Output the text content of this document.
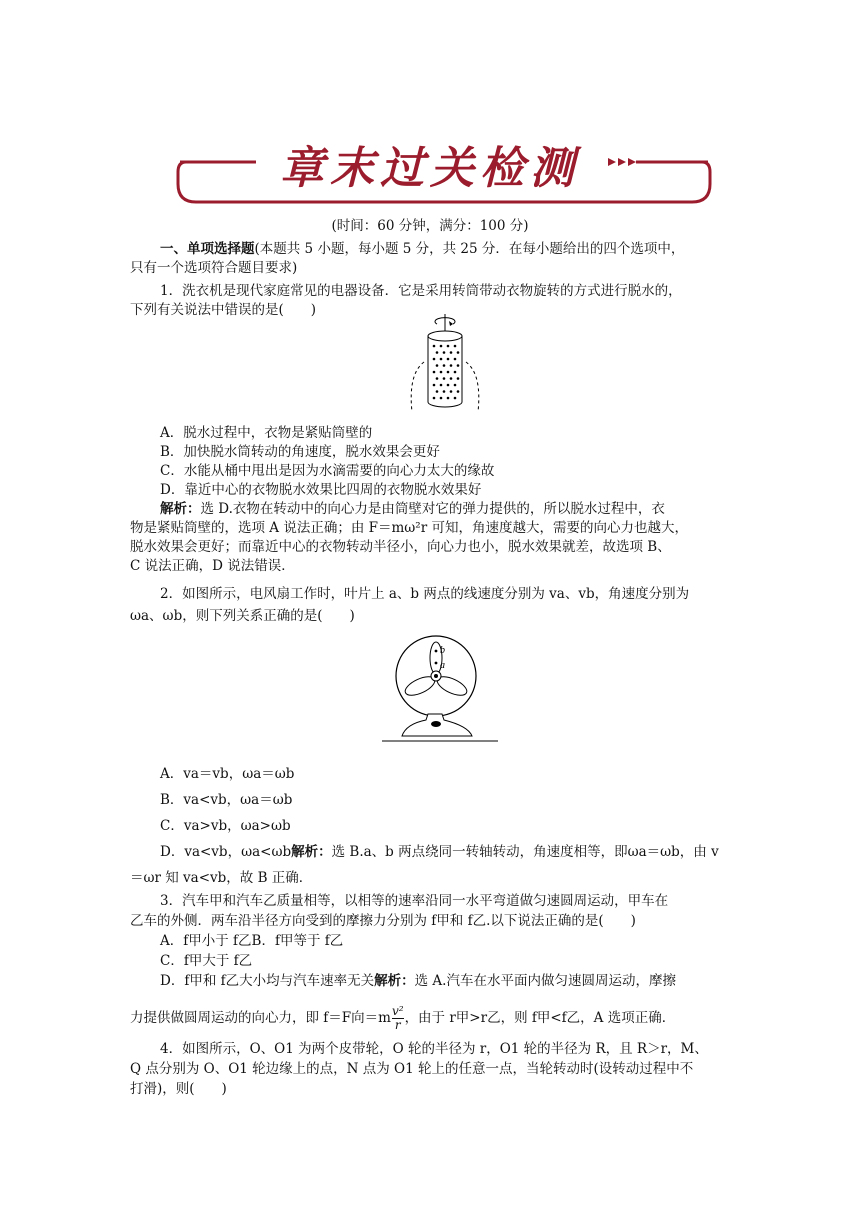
章末过关检测
(时间：60 分钟，满分：100 分)
一、单项选择题(本题共 5 小题，每小题 5 分，共 25 分．在每小题给出的四个选项中，
只有一个选项符合题目要求)
1．洗衣机是现代家庭常见的电器设备．它是采用转筒带动衣物旋转的方式进行脱水的，
下列有关说法中错误的是(　　)
A．脱水过程中，衣物是紧贴筒壁的
B．加快脱水筒转动的角速度，脱水效果会更好
C．水能从桶中甩出是因为水滴需要的向心力太大的缘故
D．靠近中心的衣物脱水效果比四周的衣物脱水效果好
解析：选 D.衣物在转动中的向心力是由筒壁对它的弹力提供的，所以脱水过程中，衣
物是紧贴筒壁的，选项 A 说法正确；由 F＝mω²r 可知，角速度越大，需要的向心力也越大，
脱水效果会更好；而靠近中心的衣物转动半径小，向心力也小，脱水效果就差，故选项 B、
C 说法正确，D 说法错误．
2．如图所示，电风扇工作时，叶片上 a、b 两点的线速度分别为 va、vb，角速度分别为
ωa、ωb，则下列关系正确的是(　　)
a
b
A．va＝vb，ωa＝ωb
B．va<vb，ωa＝ωb
C．va>vb，ωa>ωb
D．va<vb，ωa<ωb解析：选 B.a、b 两点绕同一转轴转动，角速度相等，即ωa＝ωb，由 v
＝ωr 知 va<vb，故 B 正确．
3．汽车甲和汽车乙质量相等，以相等的速率沿同一水平弯道做匀速圆周运动，甲车在
乙车的外侧．两车沿半径方向受到的摩擦力分别为 f甲和 f乙.以下说法正确的是(　　)
A．f甲小于 f乙B．f甲等于 f乙
C．f甲大于 f乙
D．f甲和 f乙大小均与汽车速率无关解析：选 A.汽车在水平面内做匀速圆周运动，摩擦
力提供做圆周运动的向心力，即 f＝F向$=m \frac{\text{v²}}{r}$ ，由于 r甲>r乙，则 f甲<f乙，A 选项正确．
4．如图所示，O、O1 为两个皮带轮，O 轮的半径为 r，O1 轮的半径为 R，且 R＞r，M、
Q 点分别为 O、O1 轮边缘上的点，N 点为 O1 轮上的任意一点，当轮转动时(设转动过程中不
打滑)，则(　　)
